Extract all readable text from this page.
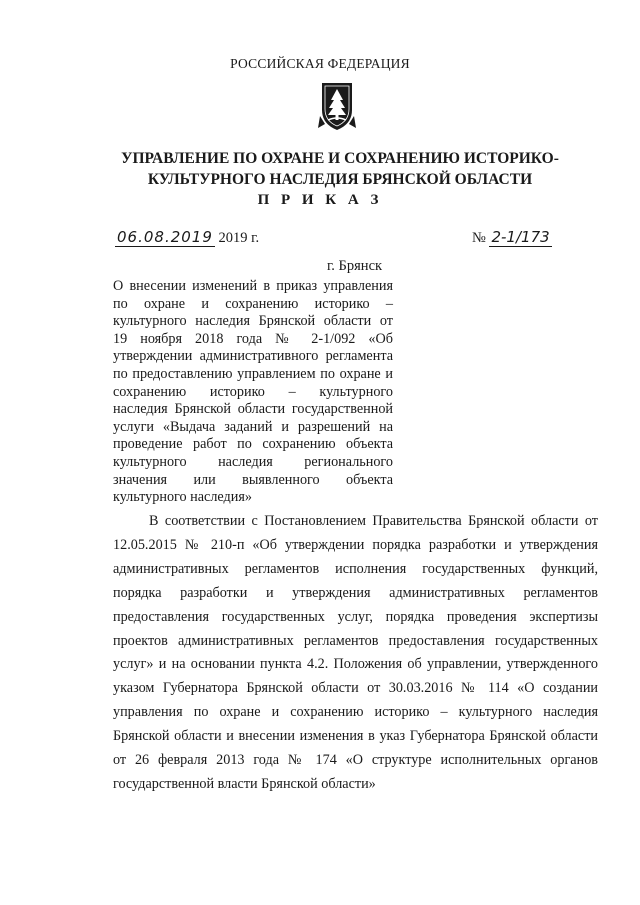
РОССИЙСКАЯ ФЕДЕРАЦИЯ
УПРАВЛЕНИЕ ПО ОХРАНЕ И СОХРАНЕНИЮ ИСТОРИКО-
КУЛЬТУРНОГО НАСЛЕДИЯ БРЯНСКОЙ ОБЛАСТИ
П Р И К А З
06.08.2019 2019 г.	№ 2-1/173
г. Брянск
О внесении изменений в приказ управления
по охране и сохранению историко –
культурного наследия Брянской области от
19 ноября 2018 года № 2-1/092 «Об
утверждении административного регламента
по предоставлению управлением по охране и
сохранению историко – культурного
наследия Брянской области государственной
услуги «Выдача заданий и разрешений на
проведение работ по сохранению объекта
культурного наследия регионального
значения или выявленного объекта
культурного наследия»
В соответствии с Постановлением Правительства Брянской области от
12.05.2015 № 210-п «Об утверждении порядка разработки и утверждения
административных регламентов исполнения государственных функций,
порядка разработки и утверждения административных регламентов
предоставления государственных услуг, порядка проведения экспертизы
проектов административных регламентов предоставления государственных
услуг» и на основании пункта 4.2. Положения об управлении, утвержденного
указом Губернатора Брянской области от 30.03.2016 № 114 «О создании
управления по охране и сохранению историко – культурного наследия
Брянской области и внесении изменения в указ Губернатора Брянской области
от 26 февраля 2013 года № 174 «О структуре исполнительных органов
государственной власти Брянской области»
